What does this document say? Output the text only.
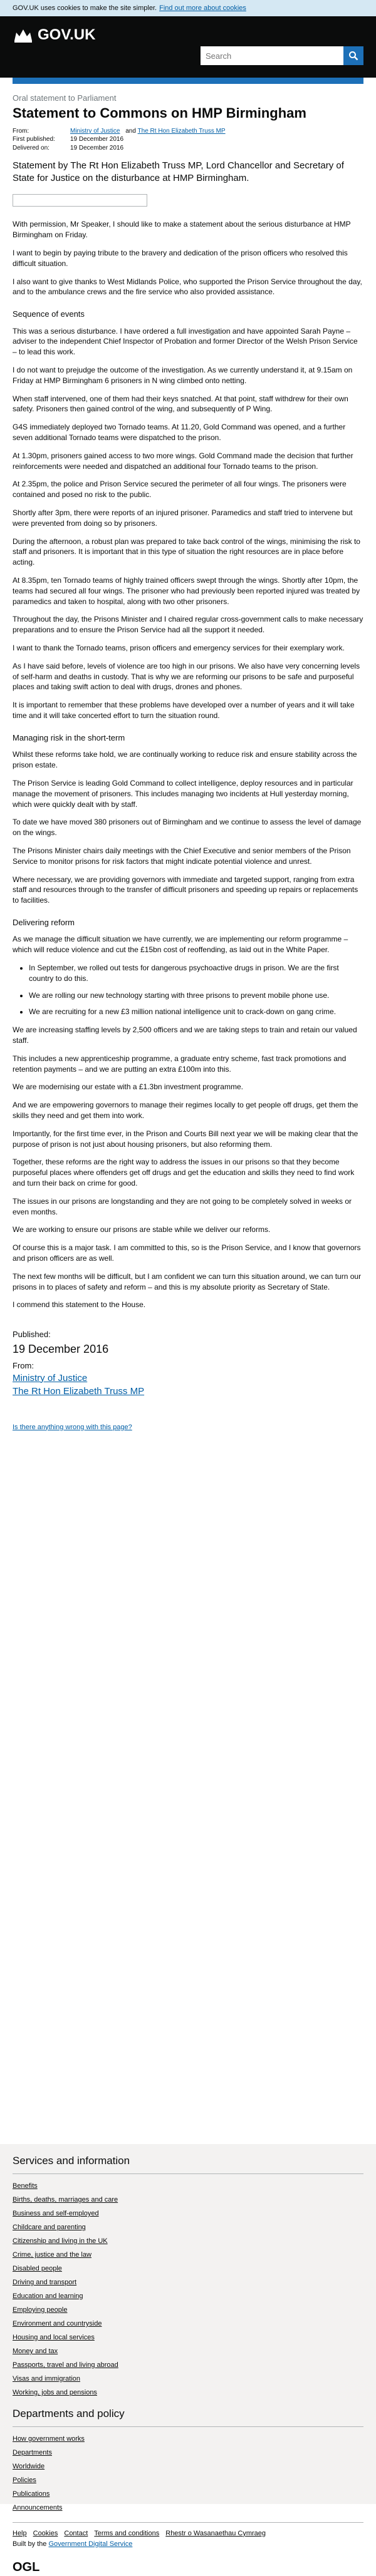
GOV.UK uses cookies to make the site simpler. Find out more about cookies
GOV.UK
Search
Menu ▾
Oral statement to Parliament
Statement to Commons on HMP Birmingham
From:	Ministry of Justice and The Rt Hon Elizabeth Truss MP
First published:	19 December 2016
Delivered on:	19 December 2016

Statement by The Rt Hon Elizabeth Truss MP, Lord Chancellor and Secretary of State for Justice on the disturbance at HMP Birmingham.

With permission, Mr Speaker, I should like to make a statement about the serious disturbance at HMP Birmingham on Friday.

I want to begin by paying tribute to the bravery and dedication of the prison officers who resolved this difficult situation.

I also want to give thanks to West Midlands Police, who supported the Prison Service throughout the day, and to the ambulance crews and the fire service who also provided assistance.

Sequence of events

This was a serious disturbance. I have ordered a full investigation and have appointed Sarah Payne – adviser to the independent Chief Inspector of Probation and former Director of the Welsh Prison Service – to lead this work.

I do not want to prejudge the outcome of the investigation. As we currently understand it, at 9.15am on Friday at HMP Birmingham 6 prisoners in N wing climbed onto netting.

When staff intervened, one of them had their keys snatched. At that point, staff withdrew for their own safety. Prisoners then gained control of the wing, and subsequently of P Wing.

G4S immediately deployed two Tornado teams. At 11.20, Gold Command was opened, and a further seven additional Tornado teams were dispatched to the prison.

At 1.30pm, prisoners gained access to two more wings. Gold Command made the decision that further reinforcements were needed and dispatched an additional four Tornado teams to the prison.

At 2.35pm, the police and Prison Service secured the perimeter of all four wings. The prisoners were contained and posed no risk to the public.

Shortly after 3pm, there were reports of an injured prisoner. Paramedics and staff tried to intervene but were prevented from doing so by prisoners.

During the afternoon, a robust plan was prepared to take back control of the wings, minimising the risk to staff and prisoners. It is important that in this type of situation the right resources are in place before acting.

At 8.35pm, ten Tornado teams of highly trained officers swept through the wings. Shortly after 10pm, the teams had secured all four wings. The prisoner who had previously been reported injured was treated by paramedics and taken to hospital, along with two other prisoners.

Throughout the day, the Prisons Minister and I chaired regular cross-government calls to make necessary preparations and to ensure the Prison Service had all the support it needed.

I want to thank the Tornado teams, prison officers and emergency services for their exemplary work.

As I have said before, levels of violence are too high in our prisons. We also have very concerning levels of self-harm and deaths in custody. That is why we are reforming our prisons to be safe and purposeful places and taking swift action to deal with drugs, drones and phones.

It is important to remember that these problems have developed over a number of years and it will take time and it will take concerted effort to turn the situation round.

Managing risk in the short-term

Whilst these reforms take hold, we are continually working to reduce risk and ensure stability across the prison estate.

The Prison Service is leading Gold Command to collect intelligence, deploy resources and in particular manage the movement of prisoners. This includes managing two incidents at Hull yesterday morning, which were quickly dealt with by staff.

To date we have moved 380 prisoners out of Birmingham and we continue to assess the level of damage on the wings.

The Prisons Minister chairs daily meetings with the Chief Executive and senior members of the Prison Service to monitor prisons for risk factors that might indicate potential violence and unrest.

Where necessary, we are providing governors with immediate and targeted support, ranging from extra staff and resources through to the transfer of difficult prisoners and speeding up repairs or replacements to facilities.

Delivering reform

As we manage the difficult situation we have currently, we are implementing our reform programme – which will reduce violence and cut the £15bn cost of reoffending, as laid out in the White Paper.

• In September, we rolled out tests for dangerous psychoactive drugs in prison. We are the first country to do this.
• We are rolling our new technology starting with three prisons to prevent mobile phone use.
• We are recruiting for a new £3 million national intelligence unit to crack-down on gang crime.

We are increasing staffing levels by 2,500 officers and we are taking steps to train and retain our valued staff.

This includes a new apprenticeship programme, a graduate entry scheme, fast track promotions and retention payments – and we are putting an extra £100m into this.

We are modernising our estate with a £1.3bn investment programme.

And we are empowering governors to manage their regimes locally to get people off drugs, get them the skills they need and get them into work.

Importantly, for the first time ever, in the Prison and Courts Bill next year we will be making clear that the purpose of prison is not just about housing prisoners, but also reforming them.

Together, these reforms are the right way to address the issues in our prisons so that they become purposeful places where offenders get off drugs and get the education and skills they need to find work and turn their back on crime for good.

The issues in our prisons are longstanding and they are not going to be completely solved in weeks or even months.

We are working to ensure our prisons are stable while we deliver our reforms.

Of course this is a major task. I am committed to this, so is the Prison Service, and I know that governors and prison officers are as well.

The next few months will be difficult, but I am confident we can turn this situation around, we can turn our prisons in to places of safety and reform – and this is my absolute priority as Secretary of State.

I commend this statement to the House.

Published:
19 December 2016
From:
Ministry of Justice
The Rt Hon Elizabeth Truss MP
Is there anything wrong with this page?
Services and information
Benefits
Births, deaths, marriages and care
Business and self-employed
Childcare and parenting
Citizenship and living in the UK
Crime, justice and the law
Disabled people
Driving and transport
Education and learning
Employing people
Environment and countryside
Housing and local services
Money and tax
Passports, travel and living abroad
Visas and immigration
Working, jobs and pensions
Departments and policy
How government works
Departments
Worldwide
Policies
Publications
Announcements
Help Cookies Contact Terms and conditions Rhestr o Wasanaethau Cymraeg
Built by the Government Digital Service
OGL
